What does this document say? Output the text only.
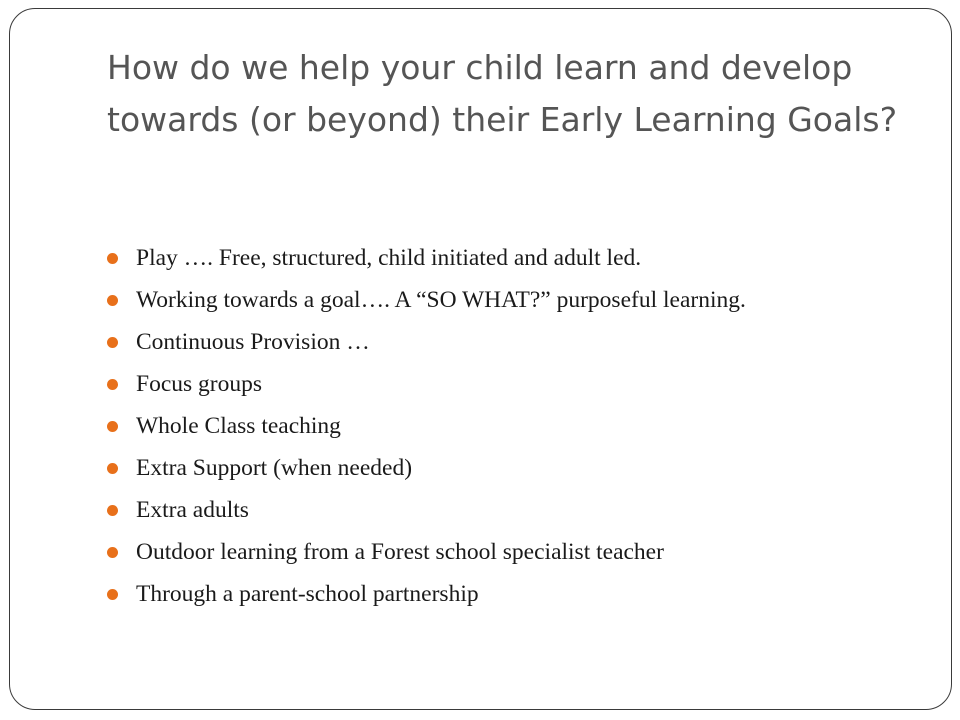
How do we help your child learn and develop towards (or beyond) their Early Learning Goals?
Play …. Free, structured, child initiated and adult led.
Working towards a goal…. A “SO WHAT?” purposeful learning.
Continuous Provision …
Focus groups
Whole Class teaching
Extra Support (when needed)
Extra adults
Outdoor learning from a Forest school specialist teacher
Through a parent-school partnership
